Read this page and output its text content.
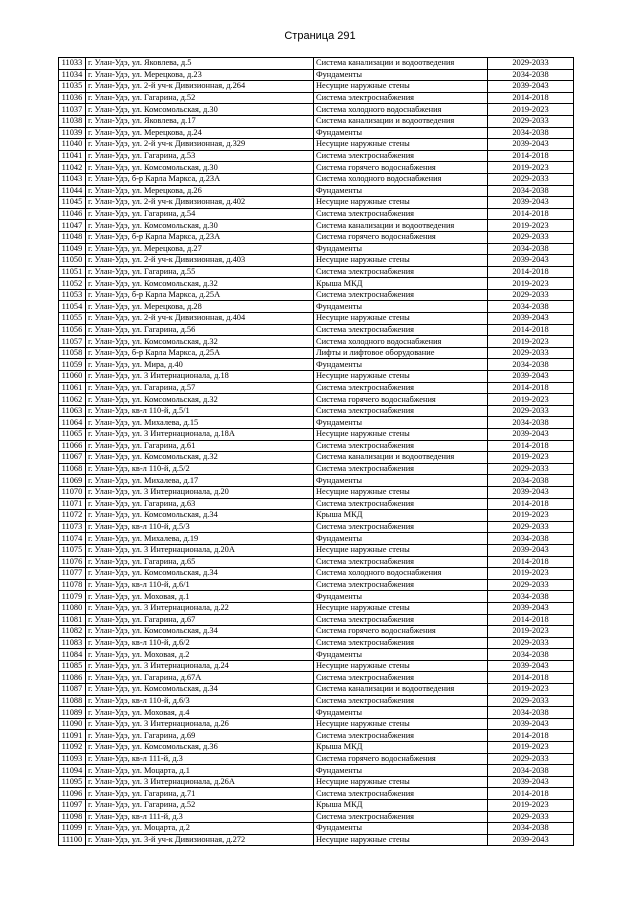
Страница 291
11033	г. Улан-Удэ, ул. Яковлева, д.5	Система канализации и водоотведения	2029-2033
11034	г. Улан-Удэ, ул. Мерецкова, д.23	Фундаменты	2034-2038
11035	г. Улан-Удэ, ул. 2-й уч-к Дивизионная, д.264	Несущие наружные стены	2039-2043
11036	г. Улан-Удэ, ул. Гагарина, д.52	Система электроснабжения	2014-2018
11037	г. Улан-Удэ, ул. Комсомольская, д.30	Система холодного водоснабжения	2019-2023
11038	г. Улан-Удэ, ул. Яковлева, д.17	Система канализации и водоотведения	2029-2033
11039	г. Улан-Удэ, ул. Мерецкова, д.24	Фундаменты	2034-2038
11040	г. Улан-Удэ, ул. 2-й уч-к Дивизионная, д.329	Несущие наружные стены	2039-2043
11041	г. Улан-Удэ, ул. Гагарина, д.53	Система электроснабжения	2014-2018
11042	г. Улан-Удэ, ул. Комсомольская, д.30	Система горячего водоснабжения	2019-2023
11043	г. Улан-Удэ, б-р Карла Маркса, д.23А	Система холодного водоснабжения	2029-2033
11044	г. Улан-Удэ, ул. Мерецкова, д.26	Фундаменты	2034-2038
11045	г. Улан-Удэ, ул. 2-й уч-к Дивизионная, д.402	Несущие наружные стены	2039-2043
11046	г. Улан-Удэ, ул. Гагарина, д.54	Система электроснабжения	2014-2018
11047	г. Улан-Удэ, ул. Комсомольская, д.30	Система канализации и водоотведения	2019-2023
11048	г. Улан-Удэ, б-р Карла Маркса, д.23А	Система горячего водоснабжения	2029-2033
11049	г. Улан-Удэ, ул. Мерецкова, д.27	Фундаменты	2034-2038
11050	г. Улан-Удэ, ул. 2-й уч-к Дивизионная, д.403	Несущие наружные стены	2039-2043
11051	г. Улан-Удэ, ул. Гагарина, д.55	Система электроснабжения	2014-2018
11052	г. Улан-Удэ, ул. Комсомольская, д.32	Крыша МКД	2019-2023
11053	г. Улан-Удэ, б-р Карла Маркса, д.25А	Система электроснабжения	2029-2033
11054	г. Улан-Удэ, ул. Мерецкова, д.28	Фундаменты	2034-2038
11055	г. Улан-Удэ, ул. 2-й уч-к Дивизионная, д.404	Несущие наружные стены	2039-2043
11056	г. Улан-Удэ, ул. Гагарина, д.56	Система электроснабжения	2014-2018
11057	г. Улан-Удэ, ул. Комсомольская, д.32	Система холодного водоснабжения	2019-2023
11058	г. Улан-Удэ, б-р Карла Маркса, д.25А	Лифты и лифтовое оборудование	2029-2033
11059	г. Улан-Удэ, ул. Мира, д.40	Фундаменты	2034-2038
11060	г. Улан-Удэ, ул. 3 Интернационала, д.18	Несущие наружные стены	2039-2043
11061	г. Улан-Удэ, ул. Гагарина, д.57	Система электроснабжения	2014-2018
11062	г. Улан-Удэ, ул. Комсомольская, д.32	Система горячего водоснабжения	2019-2023
11063	г. Улан-Удэ, кв-л 110-й, д.5/1	Система электроснабжения	2029-2033
11064	г. Улан-Удэ, ул. Михалева, д.15	Фундаменты	2034-2038
11065	г. Улан-Удэ, ул. 3 Интернационала, д.18А	Несущие наружные стены	2039-2043
11066	г. Улан-Удэ, ул. Гагарина, д.61	Система электроснабжения	2014-2018
11067	г. Улан-Удэ, ул. Комсомольская, д.32	Система канализации и водоотведения	2019-2023
11068	г. Улан-Удэ, кв-л 110-й, д.5/2	Система электроснабжения	2029-2033
11069	г. Улан-Удэ, ул. Михалева, д.17	Фундаменты	2034-2038
11070	г. Улан-Удэ, ул. 3 Интернационала, д.20	Несущие наружные стены	2039-2043
11071	г. Улан-Удэ, ул. Гагарина, д.63	Система электроснабжения	2014-2018
11072	г. Улан-Удэ, ул. Комсомольская, д.34	Крыша МКД	2019-2023
11073	г. Улан-Удэ, кв-л 110-й, д.5/3	Система электроснабжения	2029-2033
11074	г. Улан-Удэ, ул. Михалева, д.19	Фундаменты	2034-2038
11075	г. Улан-Удэ, ул. 3 Интернационала, д.20А	Несущие наружные стены	2039-2043
11076	г. Улан-Удэ, ул. Гагарина, д.65	Система электроснабжения	2014-2018
11077	г. Улан-Удэ, ул. Комсомольская, д.34	Система холодного водоснабжения	2019-2023
11078	г. Улан-Удэ, кв-л 110-й, д.6/1	Система электроснабжения	2029-2033
11079	г. Улан-Удэ, ул. Моховая, д.1	Фундаменты	2034-2038
11080	г. Улан-Удэ, ул. 3 Интернационала, д.22	Несущие наружные стены	2039-2043
11081	г. Улан-Удэ, ул. Гагарина, д.67	Система электроснабжения	2014-2018
11082	г. Улан-Удэ, ул. Комсомольская, д.34	Система горячего водоснабжения	2019-2023
11083	г. Улан-Удэ, кв-л 110-й, д.6/2	Система электроснабжения	2029-2033
11084	г. Улан-Удэ, ул. Моховая, д.2	Фундаменты	2034-2038
11085	г. Улан-Удэ, ул. 3 Интернационала, д.24	Несущие наружные стены	2039-2043
11086	г. Улан-Удэ, ул. Гагарина, д.67А	Система электроснабжения	2014-2018
11087	г. Улан-Удэ, ул. Комсомольская, д.34	Система канализации и водоотведения	2019-2023
11088	г. Улан-Удэ, кв-л 110-й, д.6/3	Система электроснабжения	2029-2033
11089	г. Улан-Удэ, ул. Моховая, д.4	Фундаменты	2034-2038
11090	г. Улан-Удэ, ул. 3 Интернационала, д.26	Несущие наружные стены	2039-2043
11091	г. Улан-Удэ, ул. Гагарина, д.69	Система электроснабжения	2014-2018
11092	г. Улан-Удэ, ул. Комсомольская, д.36	Крыша МКД	2019-2023
11093	г. Улан-Удэ, кв-л 111-й, д.3	Система горячего водоснабжения	2029-2033
11094	г. Улан-Удэ, ул. Моцарта, д.1	Фундаменты	2034-2038
11095	г. Улан-Удэ, ул. 3 Интернационала, д.26А	Несущие наружные стены	2039-2043
11096	г. Улан-Удэ, ул. Гагарина, д.71	Система электроснабжения	2014-2018
11097	г. Улан-Удэ, ул. Гагарина, д.52	Крыша МКД	2019-2023
11098	г. Улан-Удэ, кв-л 111-й, д.3	Система электроснабжения	2029-2033
11099	г. Улан-Удэ, ул. Моцарта, д.2	Фундаменты	2034-2038
11100	г. Улан-Удэ, ул. 3-й уч-к Дивизионная, д.272	Несущие наружные стены	2039-2043
